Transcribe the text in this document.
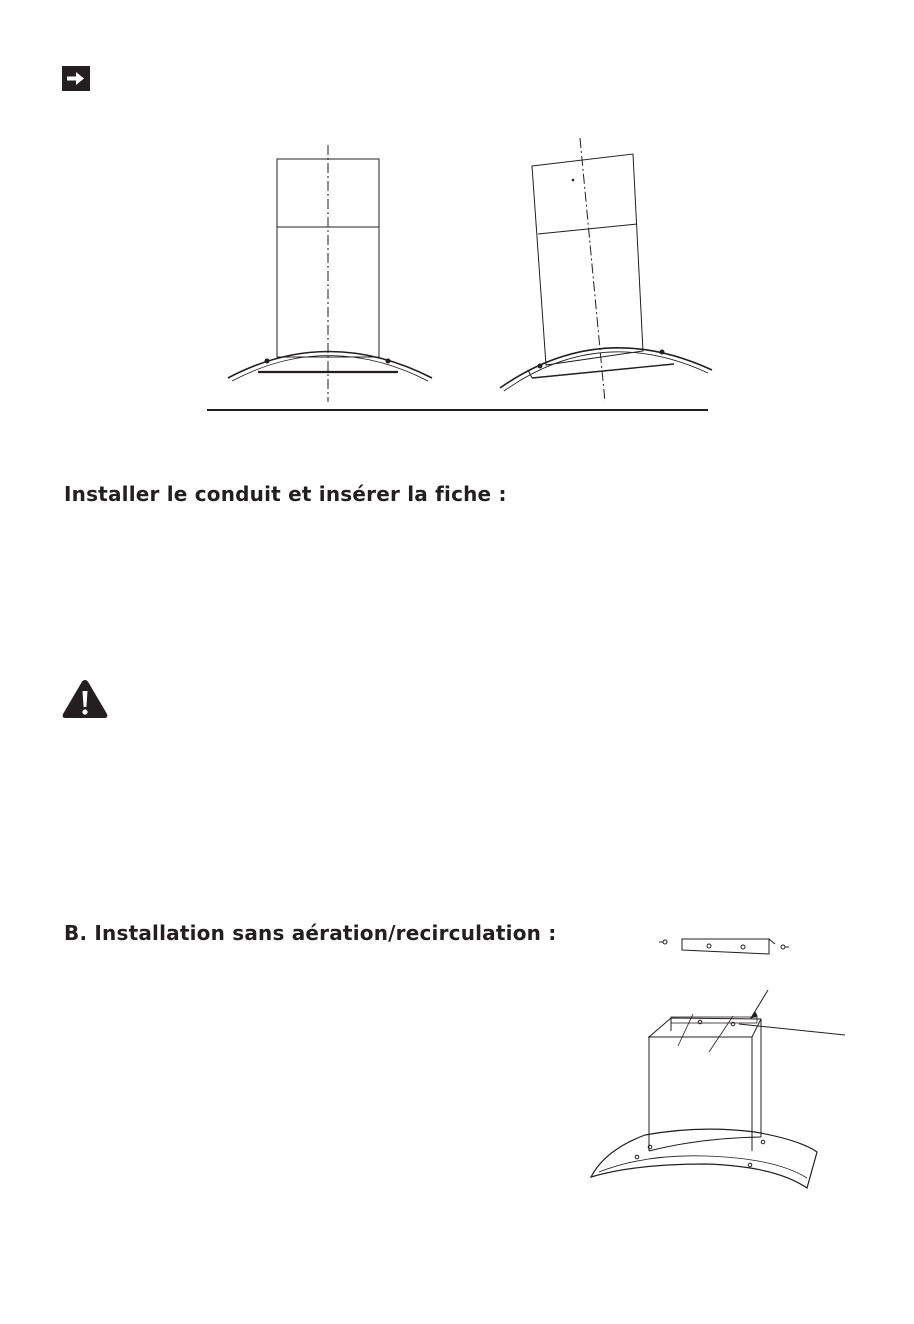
Installer le conduit et insérer la fiche :
B. Installation sans aération/recirculation :
